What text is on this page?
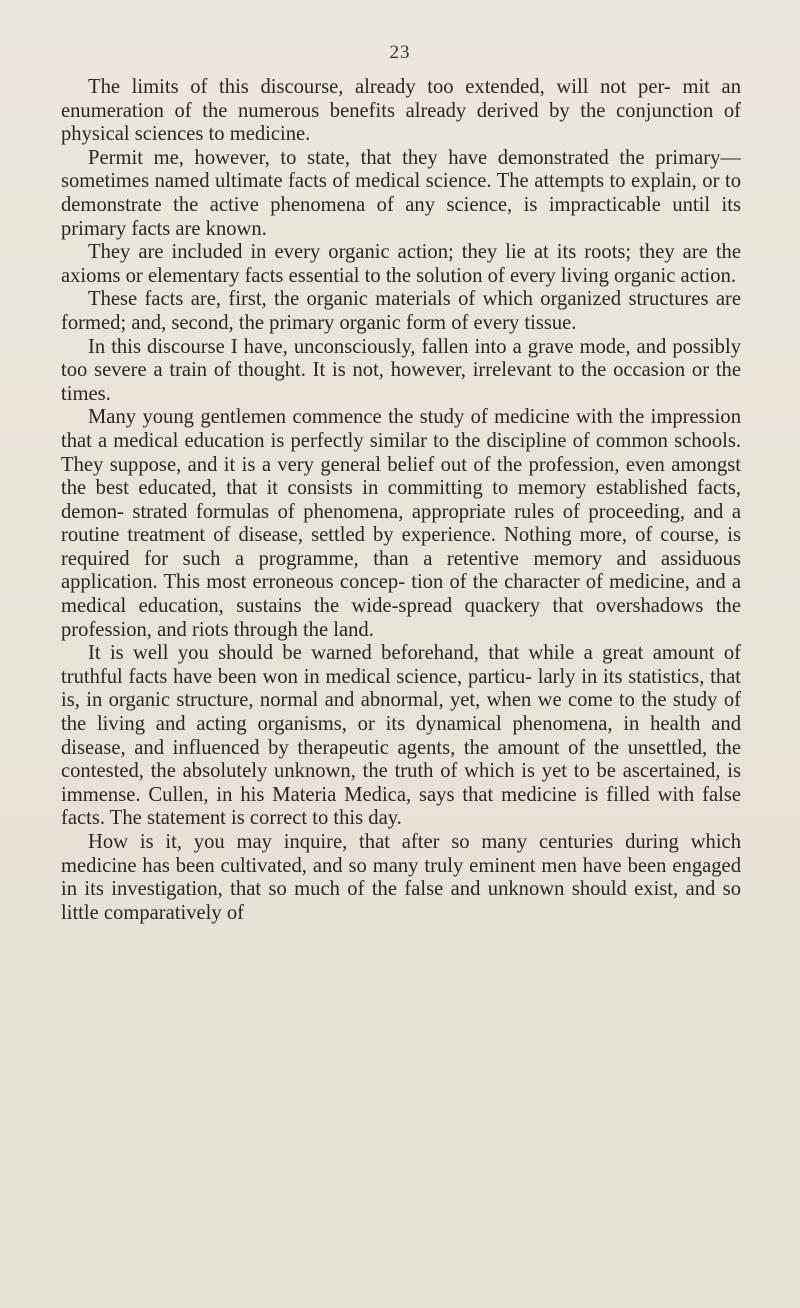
23

The limits of this discourse, already too extended, will not per- mit an enumeration of the numerous benefits already derived by the conjunction of physical sciences to medicine.

Permit me, however, to state, that they have demonstrated the primary—sometimes named ultimate facts of medical science. The attempts to explain, or to demonstrate the active phenomena of any science, is impracticable until its primary facts are known.

They are included in every organic action; they lie at its roots; they are the axioms or elementary facts essential to the solution of every living organic action.

These facts are, first, the organic materials of which organized structures are formed; and, second, the primary organic form of every tissue.

In this discourse I have, unconsciously, fallen into a grave mode, and possibly too severe a train of thought. It is not, however, irrelevant to the occasion or the times.

Many young gentlemen commence the study of medicine with the impression that a medical education is perfectly similar to the discipline of common schools. They suppose, and it is a very general belief out of the profession, even amongst the best educated, that it consists in committing to memory established facts, demon- strated formulas of phenomena, appropriate rules of proceeding, and a routine treatment of disease, settled by experience. Nothing more, of course, is required for such a programme, than a retentive memory and assiduous application. This most erroneous concep- tion of the character of medicine, and a medical education, sustains the wide-spread quackery that overshadows the profession, and riots through the land.

It is well you should be warned beforehand, that while a great amount of truthful facts have been won in medical science, particu- larly in its statistics, that is, in organic structure, normal and abnormal, yet, when we come to the study of the living and acting organisms, or its dynamical phenomena, in health and disease, and influenced by therapeutic agents, the amount of the unsettled, the contested, the absolutely unknown, the truth of which is yet to be ascertained, is immense. Cullen, in his Materia Medica, says that medicine is filled with false facts. The statement is correct to this day.

How is it, you may inquire, that after so many centuries during which medicine has been cultivated, and so many truly eminent men have been engaged in its investigation, that so much of the false and unknown should exist, and so little comparatively of
